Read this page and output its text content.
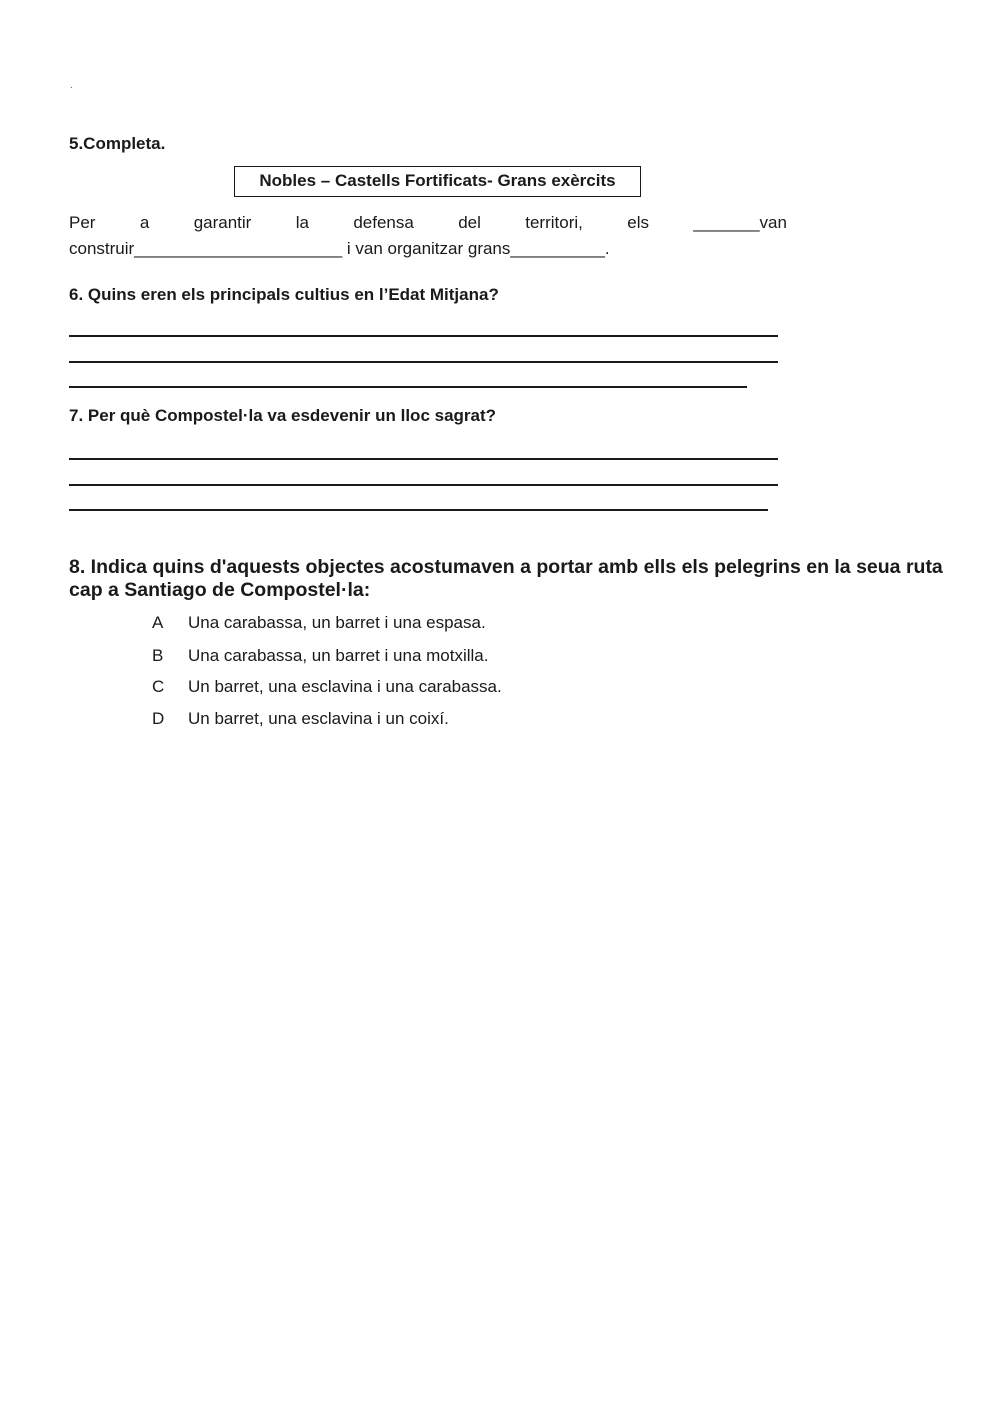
.
5.Completa.
Nobles – Castells Fortificats- Grans exèrcits
Per	a	garantir	la	defensa	del	territori,	els	_______van
construir______________________ i van organitzar grans__________.
6. Quins eren els principals cultius en l’Edat Mitjana?
7. Per què Compostel·la va esdevenir un lloc sagrat?
8. Indica quins d'aquests objectes acostumaven a portar amb ells els pelegrins en la seua ruta cap a Santiago de Compostel·la:
A Una carabassa, un barret i una espasa.
B Una carabassa, un barret i una motxilla.
C Un barret, una esclavina i una carabassa.
D Un barret, una esclavina i un coixí.
